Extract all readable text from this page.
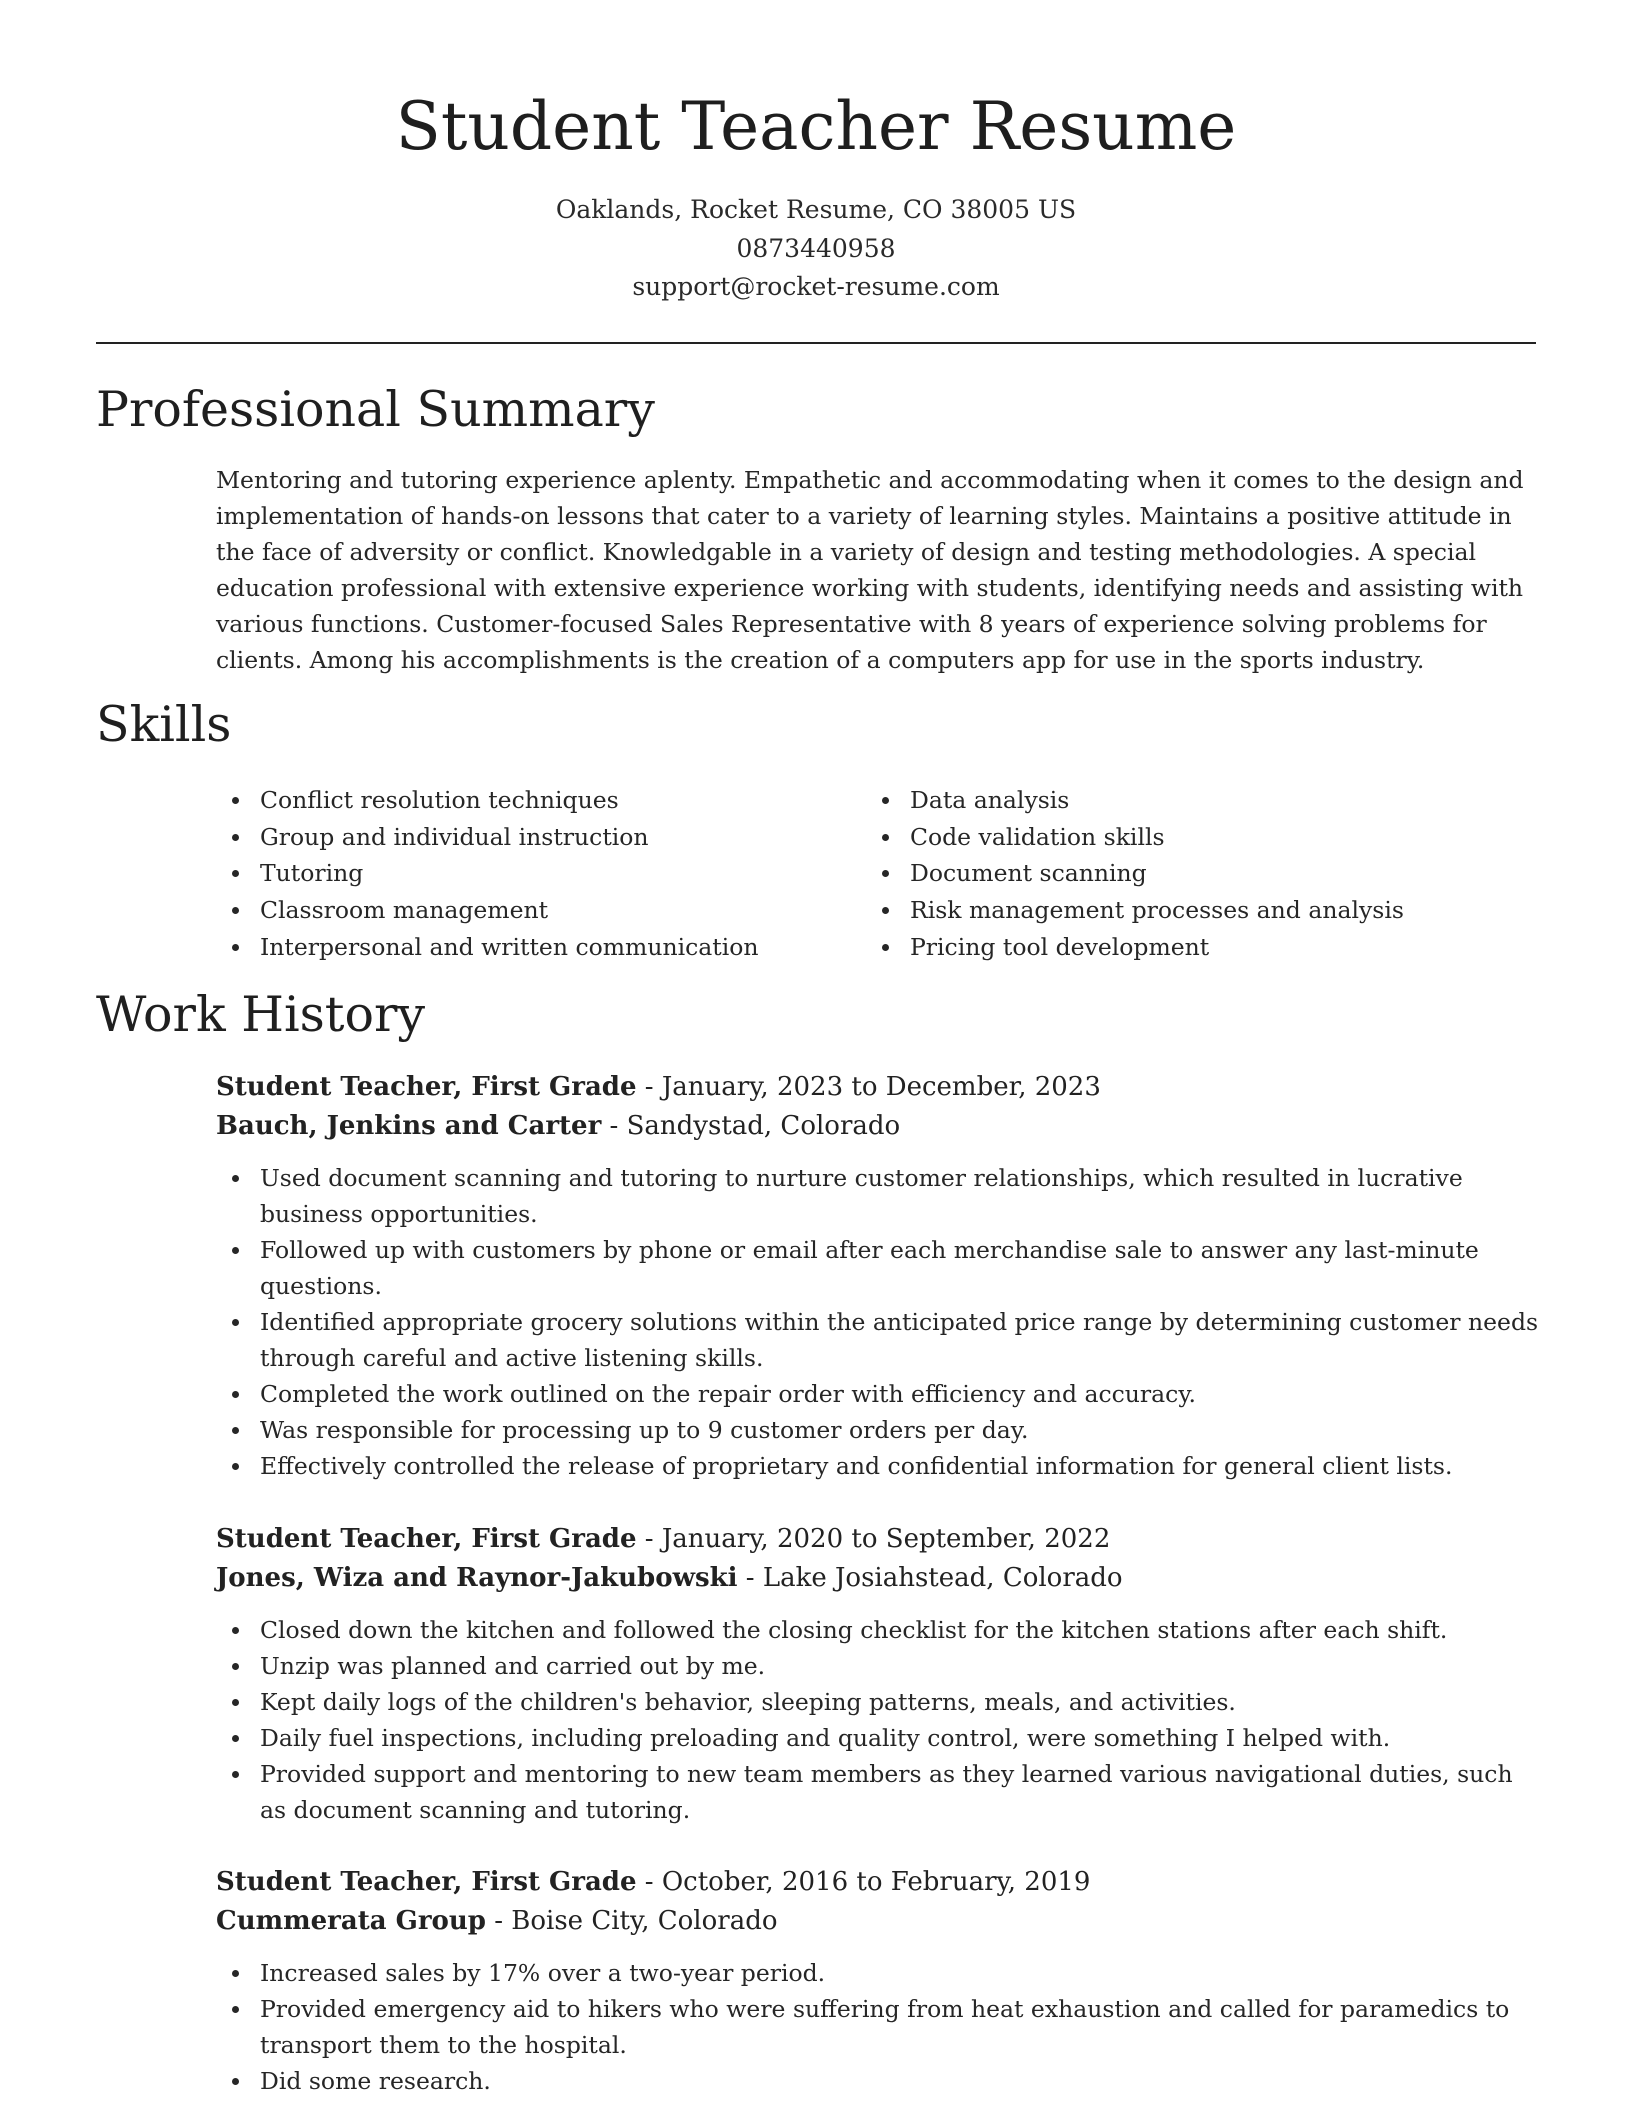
Student Teacher Resume
Oaklands, Rocket Resume, CO 38005 US
0873440958
support@rocket-resume.com
Professional Summary

Mentoring and tutoring experience aplenty. Empathetic and accommodating when it comes to the design and implementation of hands-on lessons that cater to a variety of learning styles. Maintains a positive attitude in the face of adversity or conflict. Knowledgable in a variety of design and testing methodologies. A special education professional with extensive experience working with students, identifying needs and assisting with various functions. Customer-focused Sales Representative with 8 years of experience solving problems for clients. Among his accomplishments is the creation of a computers app for use in the sports industry.

Skills
Conflict resolution techniques
Group and individual instruction
Tutoring
Classroom management
Interpersonal and written communication
Data analysis
Code validation skills
Document scanning
Risk management processes and analysis
Pricing tool development
Work History
Student Teacher, First Grade - January, 2023 to December, 2023
Bauch, Jenkins and Carter - Sandystad, Colorado
Used document scanning and tutoring to nurture customer relationships, which resulted in lucrative business opportunities.
Followed up with customers by phone or email after each merchandise sale to answer any last-minute questions.
Identified appropriate grocery solutions within the anticipated price range by determining customer needs through careful and active listening skills.
Completed the work outlined on the repair order with efficiency and accuracy.
Was responsible for processing up to 9 customer orders per day.
Effectively controlled the release of proprietary and confidential information for general client lists.
Student Teacher, First Grade - January, 2020 to September, 2022
Jones, Wiza and Raynor-Jakubowski - Lake Josiahstead, Colorado
Closed down the kitchen and followed the closing checklist for the kitchen stations after each shift.
Unzip was planned and carried out by me.
Kept daily logs of the children's behavior, sleeping patterns, meals, and activities.
Daily fuel inspections, including preloading and quality control, were something I helped with.
Provided support and mentoring to new team members as they learned various navigational duties, such as document scanning and tutoring.
Student Teacher, First Grade - October, 2016 to February, 2019
Cummerata Group - Boise City, Colorado
Increased sales by 17% over a two-year period.
Provided emergency aid to hikers who were suffering from heat exhaustion and called for paramedics to transport them to the hospital.
Did some research.
